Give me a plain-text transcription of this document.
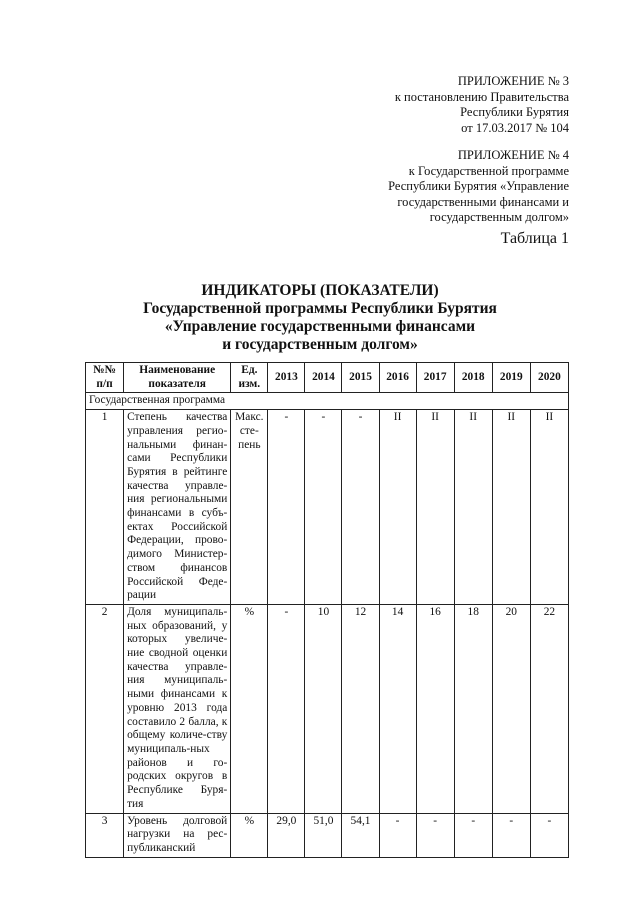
ПРИЛОЖЕНИЕ № 3
к постановлению Правительства
Республики Бурятия
от 17.03.2017 № 104
ПРИЛОЖЕНИЕ № 4
к Государственной программе
Республики Бурятия «Управление
государственными финансами и
государственным долгом»
Таблица 1
ИНДИКАТОРЫ (ПОКАЗАТЕЛИ)
Государственной программы Республики Бурятия
«Управление государственными финансами
и государственным долгом»
№№ п/п	Наименование показателя	Ед. изм.	2013	2014	2015	2016	2017	2018	2019	2020
Государственная программа										
1	Степень качества управления регио-нальными финан-сами Республики Бурятия в рейтинге качества управле-ния региональными финансами в субъ-ектах Российской Федерации, прово-димого Министер-ством финансов Российской Феде-рации	Макс. сте-пень	-	-	-	II	II	II	II	II
2	Доля муниципаль-ных образований, у которых увеличе-ние сводной оценки качества управле-ния муниципаль-ными финансами к уровню 2013 года составило 2 балла, к общему количе-ству муниципаль-ных районов и го-родских округов в Республике Буря-тия	%	-	10	12	14	16	18	20	22
3	Уровень долговой нагрузки на рес-публиканский	%	29,0	51,0	54,1	-	-	-	-	-
